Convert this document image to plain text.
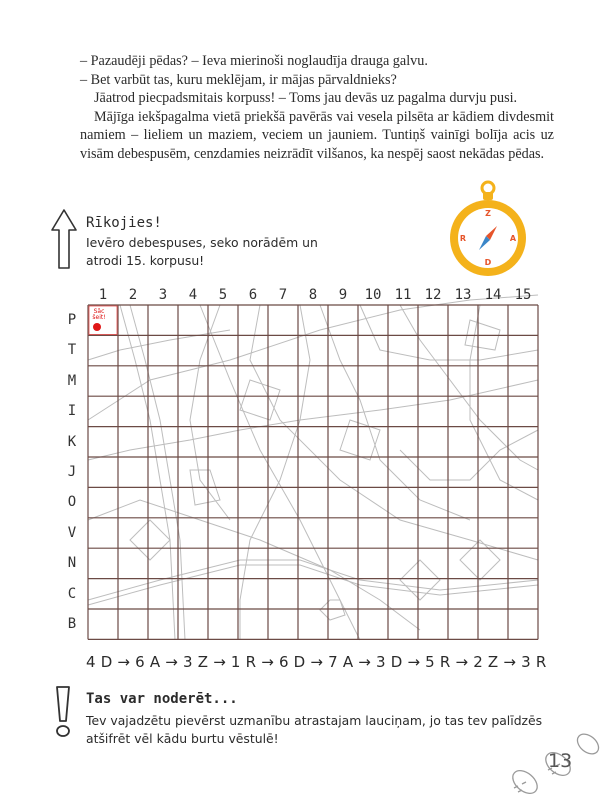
– Pazaudēji pēdas? – Ieva mierinoši noglaudīja drauga galvu.

– Bet varbūt tas, kuru meklējam, ir mājas pārvaldnieks?

Jāatrod piecpadsmitais korpuss! – Toms jau devās uz pagalma durvju pusi.

Mājīga iekšpagalma vietā priekšā pavērās vai vesela pilsēta ar kādiem divdesmit namiem – lieliem un maziem, veciem un jauniem. Tuntiņš vainīgi bolīja acis uz visām debespusēm, cenzdamies neizrādīt vilšanos, ka nespēj saost nekādas pēdas.

Rīkojies!
Ievēro debespuses, seko norādēm un atrodi 15. korpusu!
Z
A
D
R
1	2	3	4	5	6	7	8	9	10 11 12 13 14 15
P
T
M
I
K
J
O
V
N
C
B
Sāc šeit!
4 D → 6 A → 3 Z → 1 R → 6 D → 7 A → 3 D → 5 R → 2 Z → 3 R
Tas var noderēt...
Tev vajadzētu pievērst uzmanību atrastajam lauciņam, jo tas tev palīdzēs atšifrēt vēl kādu burtu vēstulē!
13
